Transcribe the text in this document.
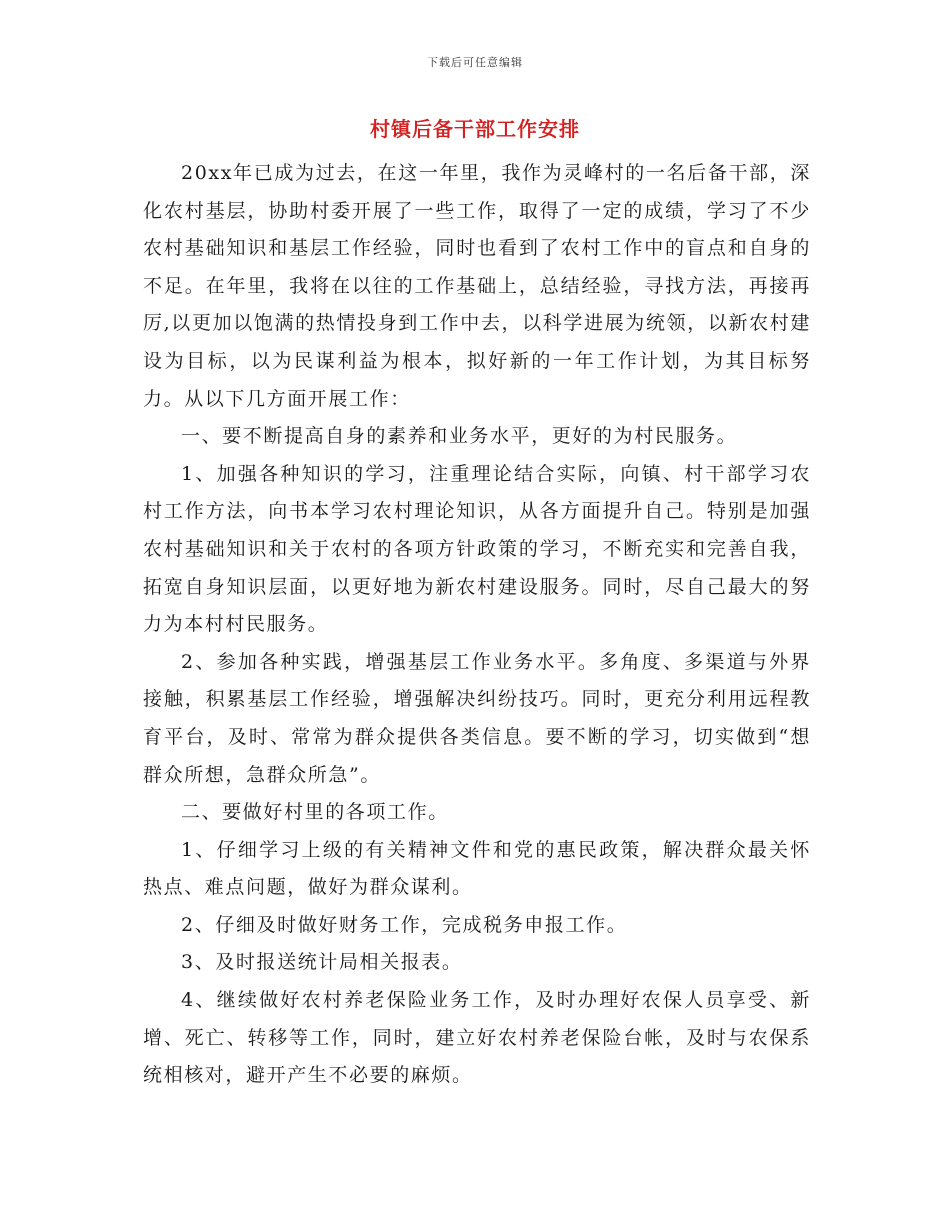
下载后可任意编辑
村镇后备干部工作安排

20xx年已成为过去，在这一年里，我作为灵峰村的一名后备干部，深化农村基层，协助村委开展了一些工作，取得了一定的成绩，学习了不少农村基础知识和基层工作经验，同时也看到了农村工作中的盲点和自身的不足。在年里，我将在以往的工作基础上，总结经验，寻找方法，再接再厉,以更加以饱满的热情投身到工作中去，以科学进展为统领，以新农村建设为目标，以为民谋利益为根本，拟好新的一年工作计划，为其目标努力。从以下几方面开展工作：

一、要不断提高自身的素养和业务水平，更好的为村民服务。

1、加强各种知识的学习，注重理论结合实际，向镇、村干部学习农村工作方法，向书本学习农村理论知识，从各方面提升自己。特别是加强农村基础知识和关于农村的各项方针政策的学习，不断充实和完善自我，拓宽自身知识层面，以更好地为新农村建设服务。同时，尽自己最大的努力为本村村民服务。

2、参加各种实践，增强基层工作业务水平。多角度、多渠道与外界接触，积累基层工作经验，增强解决纠纷技巧。同时，更充分利用远程教育平台，及时、常常为群众提供各类信息。要不断的学习，切实做到“想群众所想，急群众所急”。

二、要做好村里的各项工作。

1、仔细学习上级的有关精神文件和党的惠民政策，解决群众最关怀热点、难点问题，做好为群众谋利。

2、仔细及时做好财务工作，完成税务申报工作。

3、及时报送统计局相关报表。

4、继续做好农村养老保险业务工作，及时办理好农保人员享受、新增、死亡、转移等工作，同时，建立好农村养老保险台帐，及时与农保系统相核对，避开产生不必要的麻烦。
